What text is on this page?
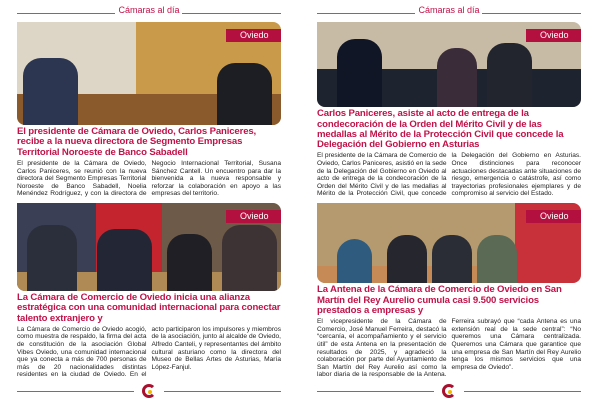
Cámaras al día
Oviedo
El presidente de Cámara de Oviedo, Carlos Paniceres, recibe a la nueva directora de Segmento Empresas Territorial Noroeste de Banco Sabadell
El presidente de la Cámara de Oviedo, Carlos Paniceres, se reunió con la nueva directora del Segmento Empresas Territorial Noroeste de Banco Sabadell, Noelia Menéndez Rodríguez, y con la directora de Negocio Internacional Territorial, Susana Sánchez Cantell. Un encuentro para dar la bienvenida a la nueva responsable y reforzar la colaboración en apoyo a las empresas del territorio.
Oviedo
La Cámara de Comercio de Oviedo inicia una alianza estratégica con una comunidad internacional para conectar talento extranjero y
La Cámara de Comercio de Oviedo acogió, como muestra de respaldo, la firma del acta de constitución de la asociación Global Vibes Oviedo, una comunidad internacional que ya conecta a más de 700 personas de más de 20 nacionalidades distintas residentes en la ciudad de Oviedo. En el acto participaron los impulsores y miembros de la asociación, junto al alcalde de Oviedo, Alfredo Canteli, y representantes del ámbito cultural asturiano como la directora del Museo de Bellas Artes de Asturias, María López-Fanjul.
Cámaras al día
Oviedo
Carlos Paniceres, asiste al acto de entrega de la condecoración de la Orden del Mérito Civil y de las medallas al Mérito de la Protección Civil que concede la Delegación del Gobierno en Asturias
El presidente de la Cámara de Comercio de Oviedo, Carlos Paniceres, asistió en la sede de la Delegación del Gobierno en Oviedo al acto de entrega de la condecoración de la Orden del Mérito Civil y de las medallas al Mérito de la Protección Civil, que concede la Delegación del Gobierno en Asturias. Once distinciones para reconocer actuaciones destacadas ante situaciones de riesgo, emergencia o catástrofe, así como trayectorias profesionales ejemplares y de compromiso al servicio del Estado.
Oviedo
La Antena de la Cámara de Comercio de Oviedo en San Martín del Rey Aurelio cumula casi 9.500 servicios prestados a empresas y
El vicepresidente de la Cámara de Comercio, José Manuel Ferreira, destacó la “cercanía, el acompañamiento y el servicio útil” de esta Antena en la presentación de resultados de 2025, y agradeció la colaboración por parte del Ayuntamiento de San Martín del Rey Aurelio así como la labor diaria de la responsable de la Antena. Ferreira subrayó que “cada Antena es una extensión real de la sede central”: “No queremos una Cámara centralizada. Queremos una Cámara que garantice que una empresa de San Martín del Rey Aurelio tenga los mismos servicios que una empresa de Oviedo”.
